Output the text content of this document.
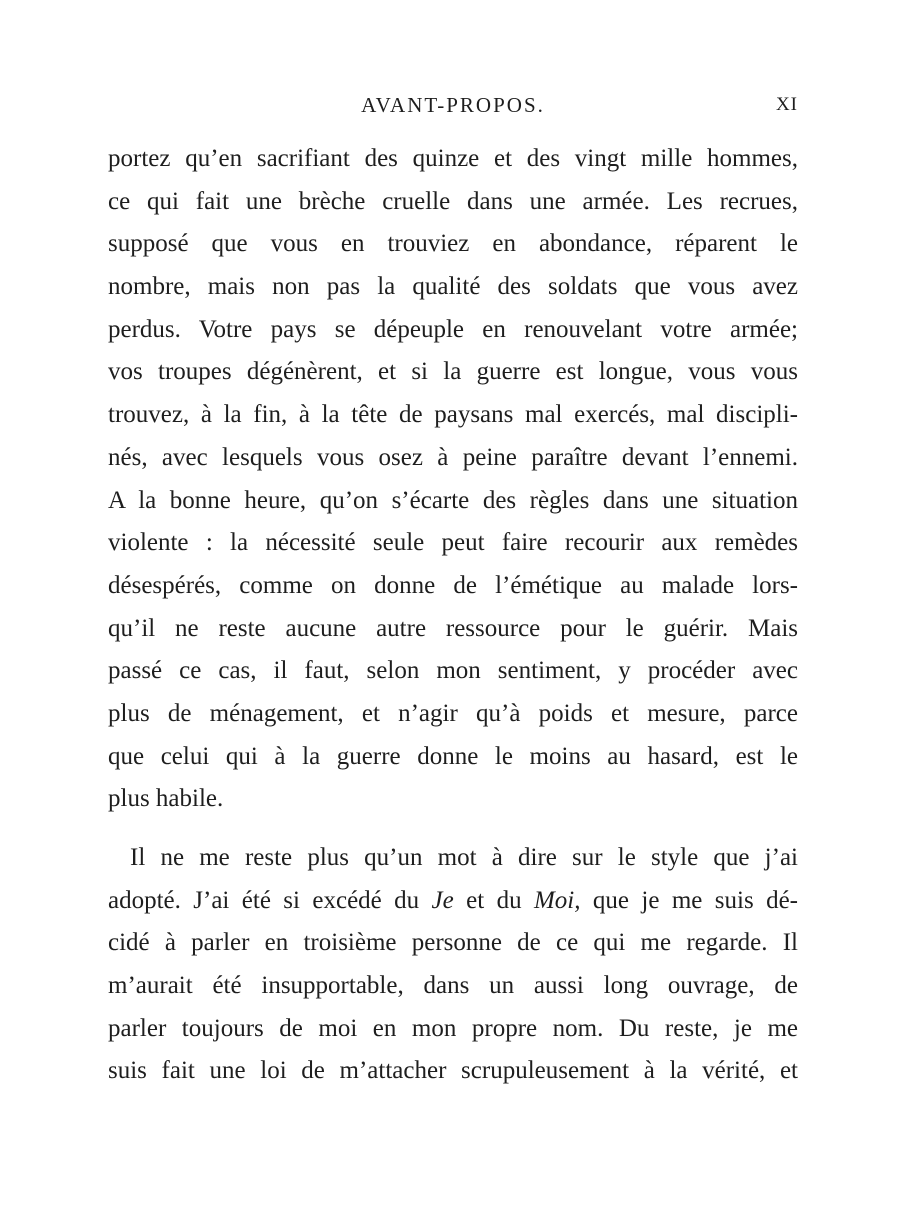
AVANT-PROPOS.	XI
portez qu’en sacrifiant des quinze et des vingt mille hommes,
ce qui fait une brèche cruelle dans une armée. Les recrues,
supposé que vous en trouviez en abondance, réparent le
nombre, mais non pas la qualité des soldats que vous avez
perdus. Votre pays se dépeuple en renouvelant votre armée;
vos troupes dégénèrent, et si la guerre est longue, vous vous
trouvez, à la fin, à la tête de paysans mal exercés, mal discipli-
nés, avec lesquels vous osez à peine paraître devant l’ennemi.
A la bonne heure, qu’on s’écarte des règles dans une situation
violente : la nécessité seule peut faire recourir aux remèdes
désespérés, comme on donne de l’émétique au malade lors-
qu’il ne reste aucune autre ressource pour le guérir. Mais
passé ce cas, il faut, selon mon sentiment, y procéder avec
plus de ménagement, et n’agir qu’à poids et mesure, parce
que celui qui à la guerre donne le moins au hasard, est le
plus habile.
Il ne me reste plus qu’un mot à dire sur le style que j’ai
adopté. J’ai été si excédé du Je et du Moi, que je me suis dé-
cidé à parler en troisième personne de ce qui me regarde. Il
m’aurait été insupportable, dans un aussi long ouvrage, de
parler toujours de moi en mon propre nom. Du reste, je me
suis fait une loi de m’attacher scrupuleusement à la vérité, et
